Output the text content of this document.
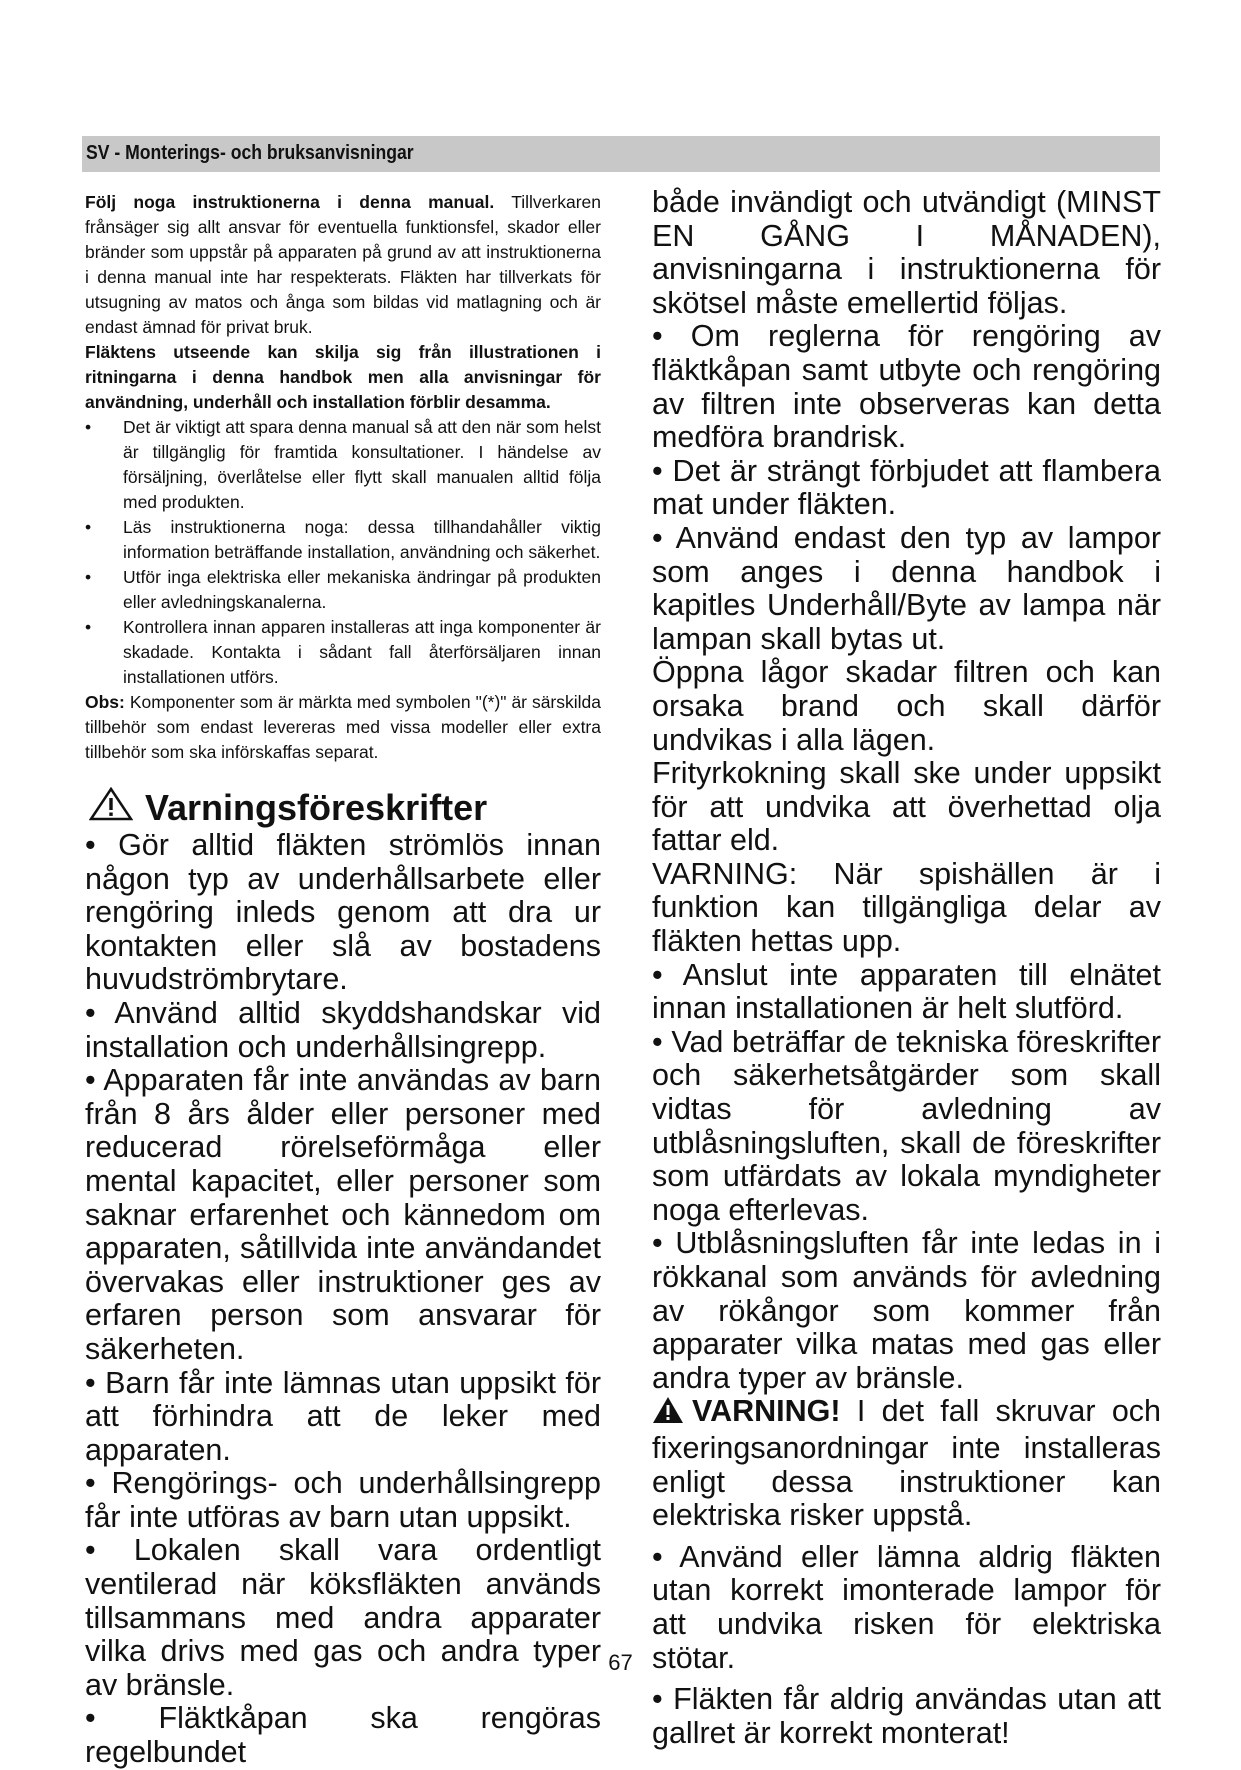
SV - Monterings- och bruksanvisningar

Följ noga instruktionerna i denna manual. Tillverkaren frånsäger sig allt ansvar för eventuella funktionsfel, skador eller bränder som uppstår på apparaten på grund av att instruktionerna i denna manual inte har respekterats. Fläkten har tillverkats för utsugning av matos och ånga som bildas vid matlagning och är endast ämnad för privat bruk.

Fläktens utseende kan skilja sig från illustrationen i ritningarna i denna handbok men alla anvisningar för användning, underhåll och installation förblir desamma.

• Det är viktigt att spara denna manual så att den när som helst är tillgänglig för framtida konsultationer. I händelse av försäljning, överlåtelse eller flytt skall manualen alltid följa med produkten.
• Läs instruktionerna noga: dessa tillhandahåller viktig information beträffande installation, användning och säkerhet.
• Utför inga elektriska eller mekaniska ändringar på produkten eller avledningskanalerna.
• Kontrollera innan apparen installeras att inga komponenter är skadade. Kontakta i sådant fall återförsäljaren innan installationen utförs.

Obs: Komponenter som är märkta med symbolen "(*)" är särskilda tillbehör som endast levereras med vissa modeller eller extra tillbehör som ska införskaffas separat.

Varningsföreskrifter

• Gör alltid fläkten strömlös innan någon typ av underhållsarbete eller rengöring inleds genom att dra ur kontakten eller slå av bostadens huvudströmbrytare.

• Använd alltid skyddshandskar vid installation och underhållsingrepp.

• Apparaten får inte användas av barn från 8 års ålder eller personer med reducerad rörelseförmåga eller mental kapacitet, eller personer som saknar erfarenhet och kännedom om apparaten, såtillvida inte användandet övervakas eller instruktioner ges av erfaren person som ansvarar för säkerheten.

• Barn får inte lämnas utan uppsikt för att förhindra att de leker med apparaten.

• Rengörings- och underhållsingrepp får inte utföras av barn utan uppsikt.

• Lokalen skall vara ordentligt ventilerad när köksfläkten används tillsammans med andra apparater vilka drivs med gas och andra typer av bränsle.

• Fläktkåpan ska rengöras regelbundet

både invändigt och utvändigt (MINST EN GÅNG I MÅNADEN), anvisningarna i instruktionerna för skötsel måste emellertid följas.

• Om reglerna för rengöring av fläktkåpan samt utbyte och rengöring av filtren inte observeras kan detta medföra brandrisk.

• Det är strängt förbjudet att flambera mat under fläkten.

• Använd endast den typ av lampor som anges i denna handbok i kapitles Underhåll/Byte av lampa när lampan skall bytas ut.

Öppna lågor skadar filtren och kan orsaka brand och skall därför undvikas i alla lägen.

Frityrkokning skall ske under uppsikt för att undvika att överhettad olja fattar eld.

VARNING: När spishällen är i funktion kan tillgängliga delar av fläkten hettas upp.

• Anslut inte apparaten till elnätet innan installationen är helt slutförd.

• Vad beträffar de tekniska föreskrifter och säkerhetsåtgärder som skall vidtas för avledning av utblåsningsluften, skall de föreskrifter som utfärdats av lokala myndigheter noga efterlevas.

• Utblåsningsluften får inte ledas in i rökkanal som används för avledning av rökångor som kommer från apparater vilka matas med gas eller andra typer av bränsle.

VARNING! I det fall skruvar och fixeringsanordningar inte installeras enligt dessa instruktioner kan elektriska risker uppstå.

• Använd eller lämna aldrig fläkten utan korrekt imonterade lampor för att undvika risken för elektriska stötar.

• Fläkten får aldrig användas utan att gallret är korrekt monterat!

67
